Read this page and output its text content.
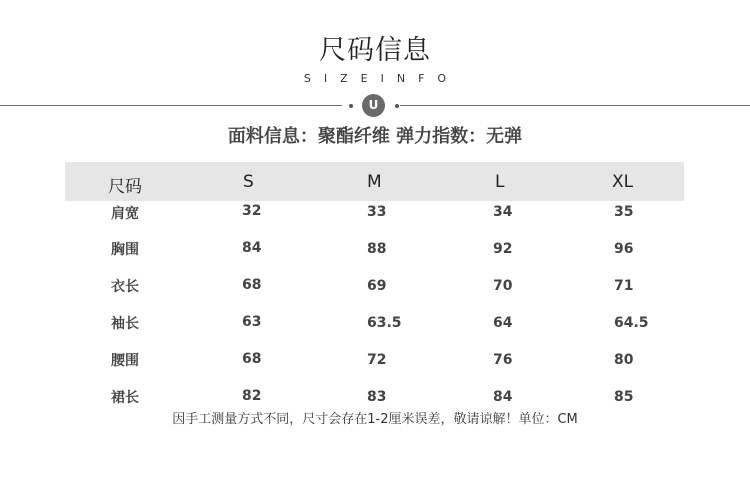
尺码信息
SIZEINFO
U
面料信息：聚酯纤维 弹力指数：无弹
尺码	S	M	L	XL
肩宽	32	33	34	35
胸围	84	88	92	96
衣长	68	69	70	71
袖长	63	63.5	64	64.5
腰围	68	72	76	80
裙长	82	83	84	85
因手工测量方式不同，尺寸会存在1-2厘米误差，敬请谅解！单位：CM
